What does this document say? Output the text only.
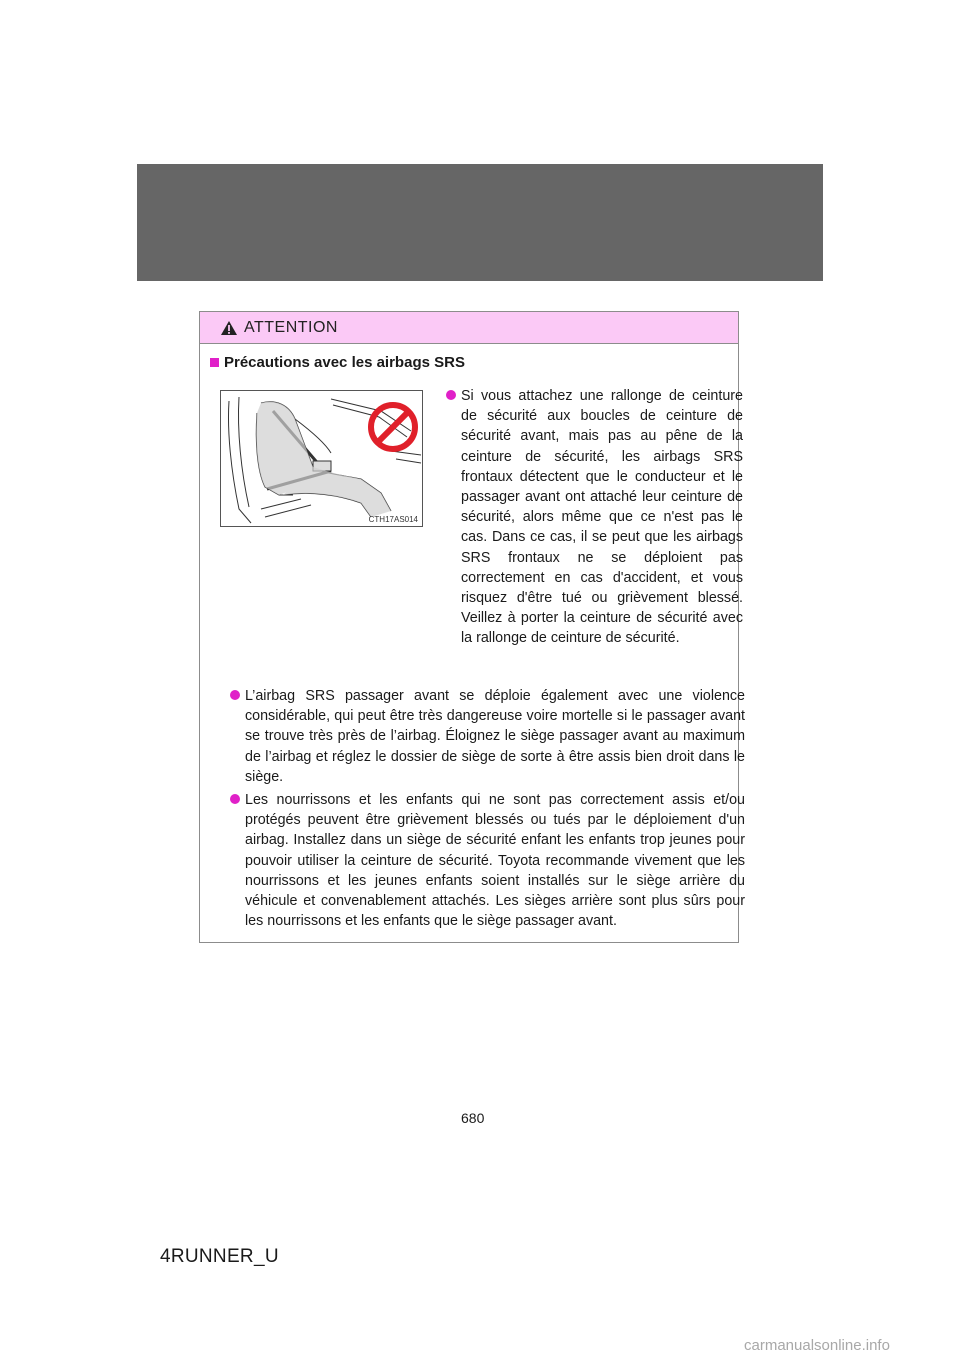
ATTENTION
Précautions avec les airbags SRS
CTH17AS014
Si vous attachez une rallonge de ceinture de sécurité aux boucles de ceinture de sécurité avant, mais pas au pêne de la ceinture de sécurité, les airbags SRS frontaux détectent que le conducteur et le passager avant ont attaché leur ceinture de sécurité, alors même que ce n'est pas le cas. Dans ce cas, il se peut que les airbags SRS frontaux ne se déploient pas correctement en cas d'accident, et vous risquez d'être tué ou grièvement blessé. Veillez à porter la ceinture de sécurité avec la rallonge de ceinture de sécurité.
L’airbag SRS passager avant se déploie également avec une violence considérable, qui peut être très dangereuse voire mortelle si le passager avant se trouve très près de l’airbag. Éloignez le siège passager avant au maximum de l’airbag et réglez le dossier de siège de sorte à être assis bien droit dans le siège.
Les nourrissons et les enfants qui ne sont pas correctement assis et/ou protégés peuvent être grièvement blessés ou tués par le déploiement d'un airbag. Installez dans un siège de sécurité enfant les enfants trop jeunes pour pouvoir utiliser la ceinture de sécurité. Toyota recommande vivement que les nourrissons et les jeunes enfants soient installés sur le siège arrière du véhicule et convenablement attachés. Les sièges arrière sont plus sûrs pour les nourrissons et les enfants que le siège passager avant.
680
4RUNNER_U
carmanualsonline.info
